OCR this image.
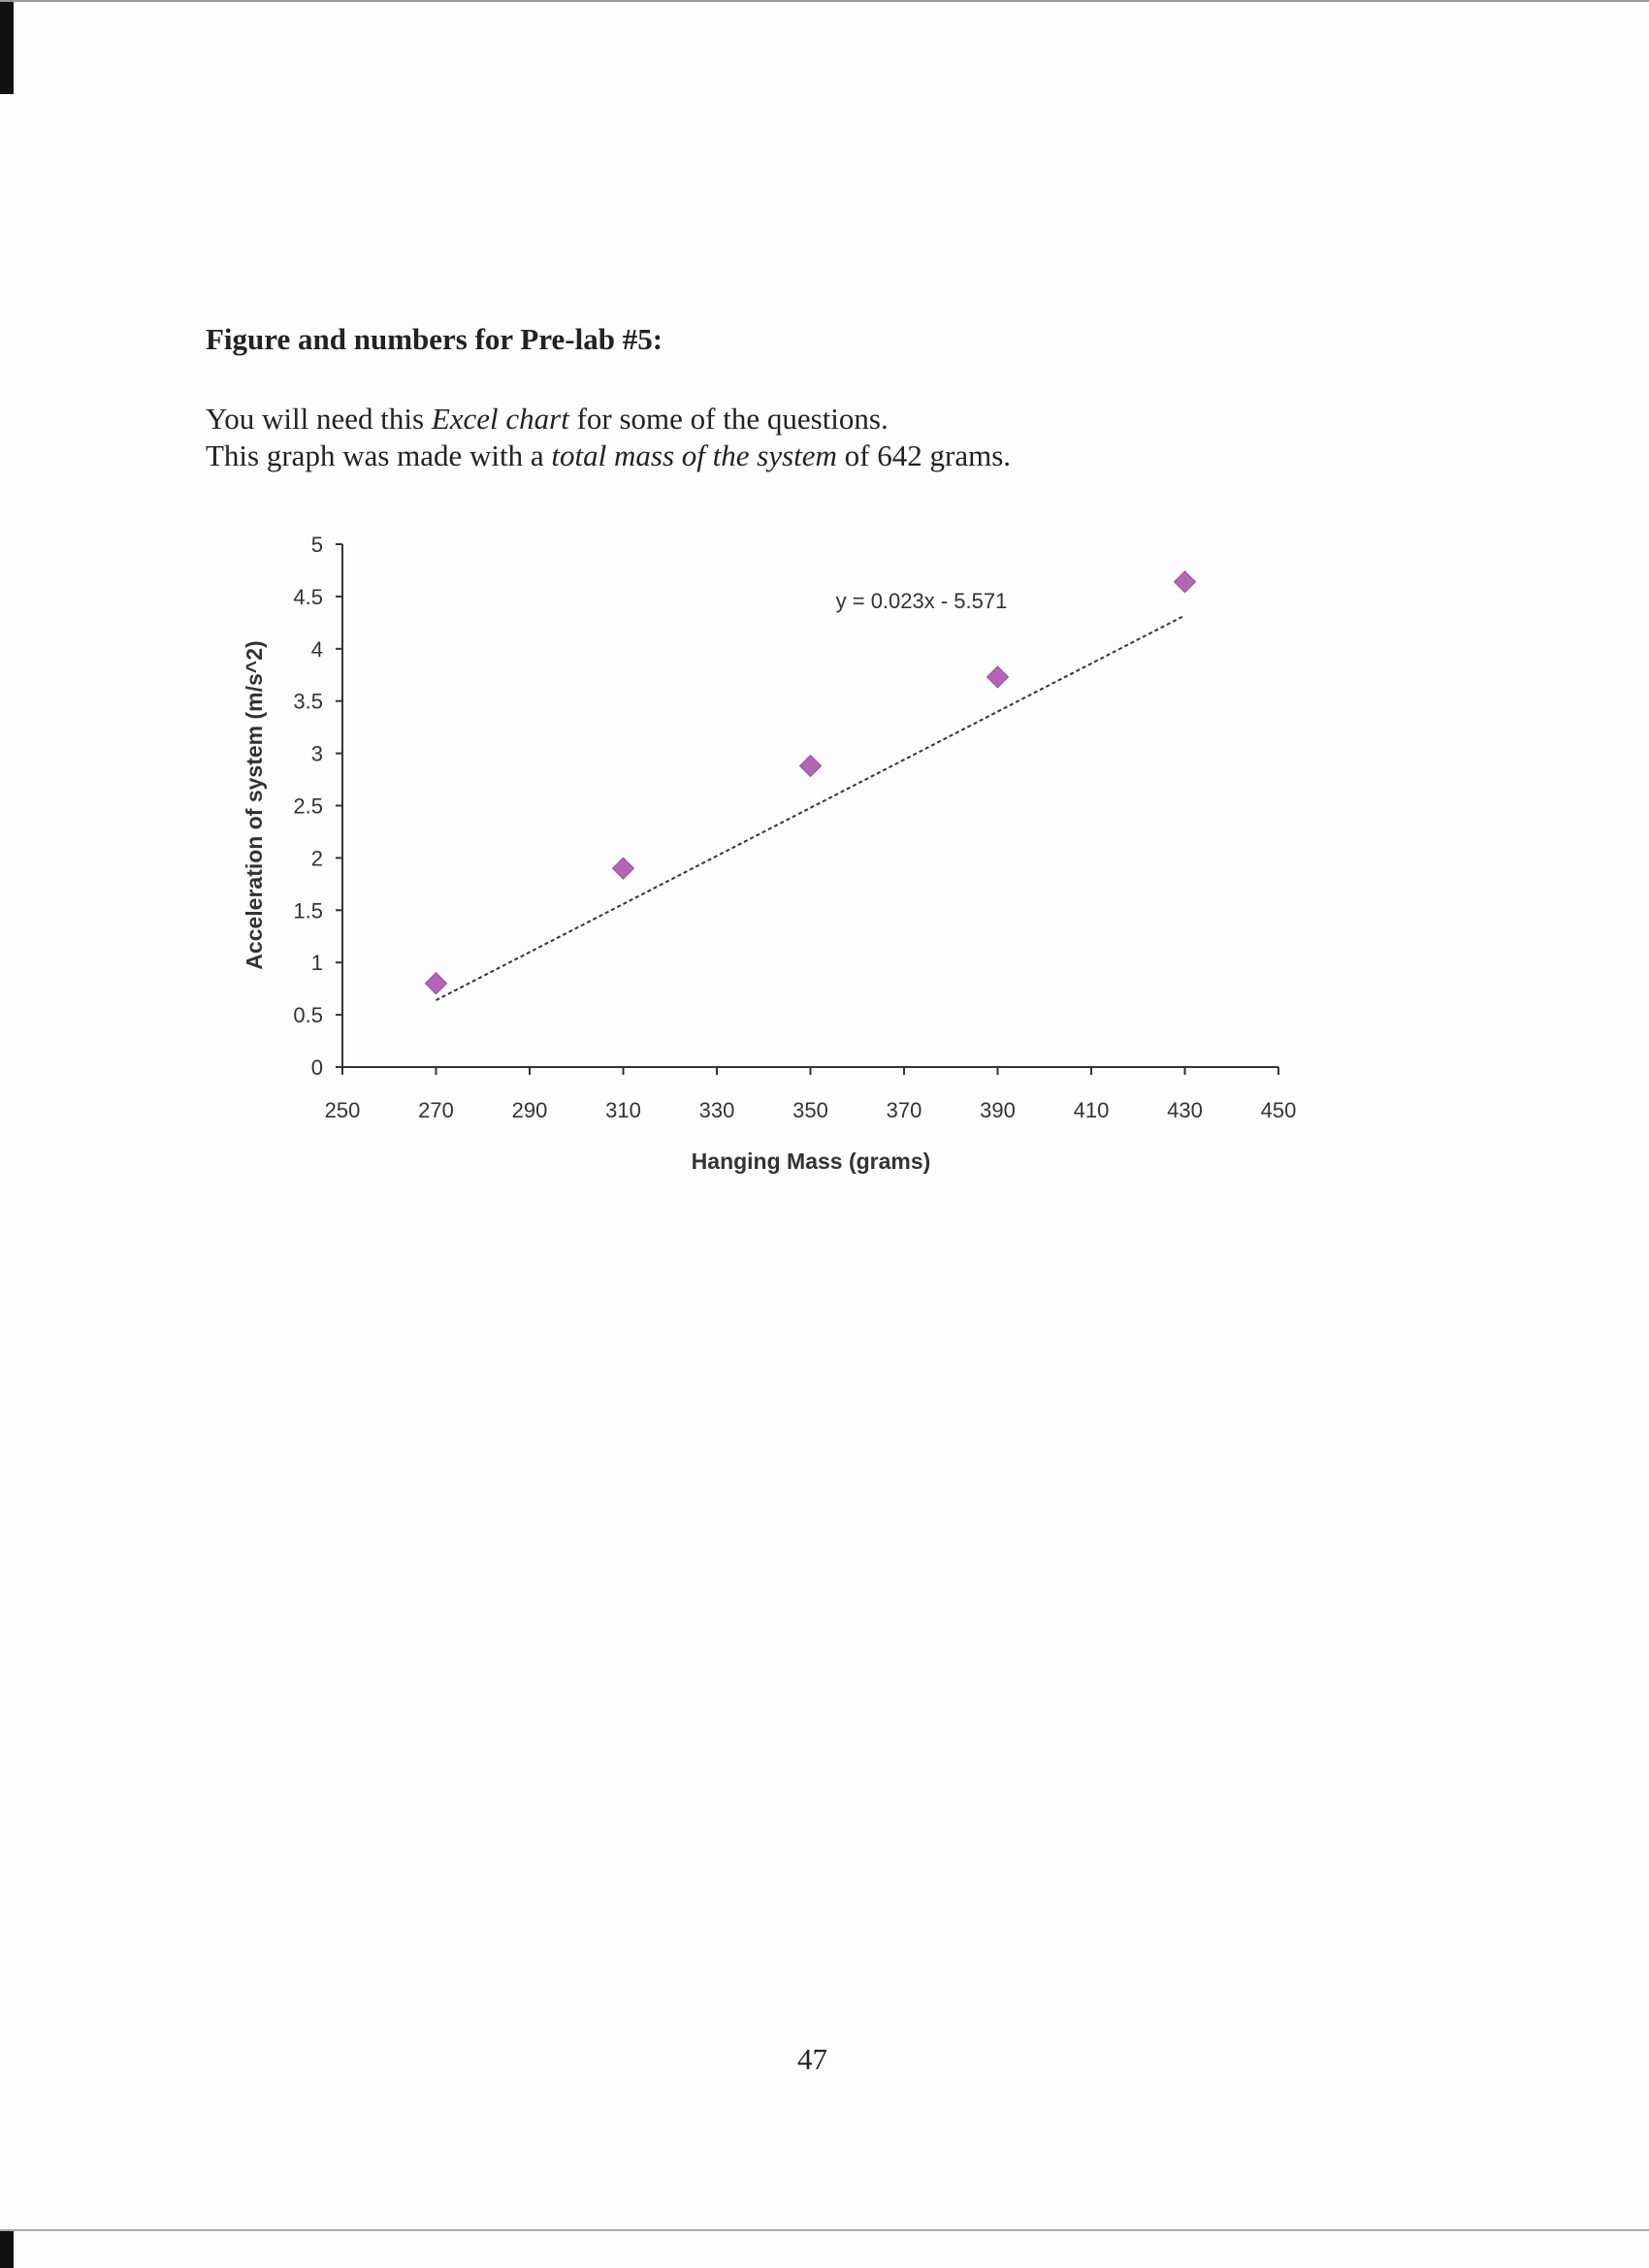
Figure and numbers for Pre-lab #5:
You will need this Excel chart for some of the questions.
This graph was made with a total mass of the system of 642 grams.
0
0.5
1
1.5
2
2.5
3
3.5
4
4.5
5
250	270	290	310	330	350	370	390	410	430	450
y = 0.023x - 5.571
Hanging Mass (grams)
Acceleration of system (m/s^2)
47
